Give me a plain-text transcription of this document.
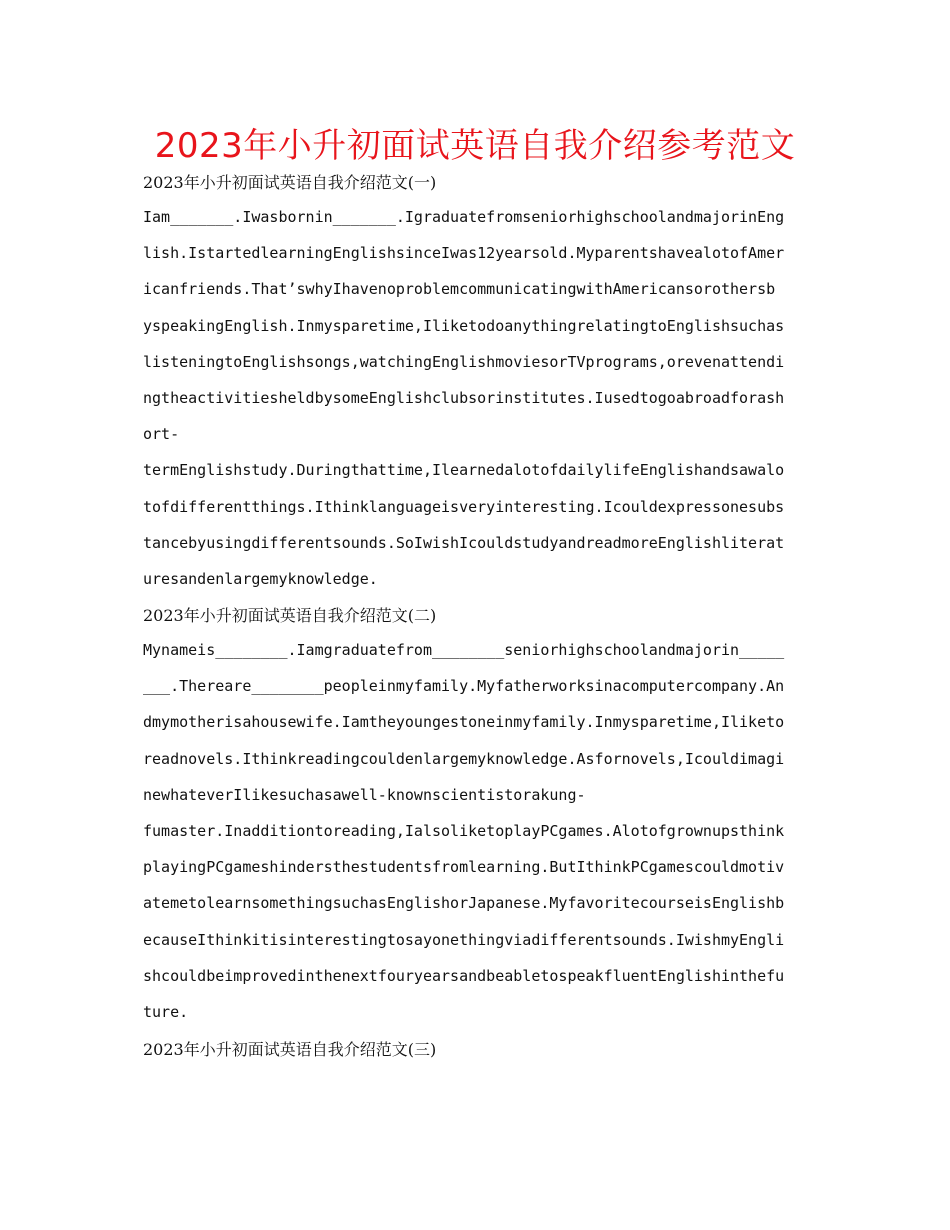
2023年小升初面试英语自我介绍参考范文
2023年小升初面试英语自我介绍范文(一)
Iam_______.Iwasbornin_______.IgraduatefromseniorhighschoolandmajorinEng
lish.IstartedlearningEnglishsinceIwas12yearsold.MyparentshavealotofAmer
icanfriends.That’swhyIhavenoproblemcommunicatingwithAmericansorothersb
yspeakingEnglish.Inmysparetime,IliketodoanythingrelatingtoEnglishsuchas
listeningtoEnglishsongs,watchingEnglishmoviesorTVprograms,orevenattendi
ngtheactivitiesheldbysomeEnglishclubsorinstitutes.Iusedtogoabroadforash
ort-
termEnglishstudy.Duringthattime,IlearnedalotofdailylifeEnglishandsawalo
tofdifferentthings.Ithinklanguageisveryinteresting.Icouldexpressonesubs
tancebyusingdifferentsounds.SoIwishIcouldstudyandreadmoreEnglishliterat
uresandenlargemyknowledge.
2023年小升初面试英语自我介绍范文(二)
Mynameis________.Iamgraduatefrom________seniorhighschoolandmajorin_____
___.Thereare________peopleinmyfamily.Myfatherworksinacomputercompany.An
dmymotherisahousewife.Iamtheyoungestoneinmyfamily.Inmysparetime,Iliketo
readnovels.Ithinkreadingcouldenlargemyknowledge.Asfornovels,Icouldimagi
newhateverIlikesuchasawell-knownscientistorakung-
fumaster.Inadditiontoreading,IalsoliketoplayPCgames.Alotofgrownupsthink
playingPCgameshindersthestudentsfromlearning.ButIthinkPCgamescouldmotiv
atemetolearnsomethingsuchasEnglishorJapanese.MyfavoritecourseisEnglishb
ecauseIthinkitisinterestingtosayonethingviadifferentsounds.IwishmyEngli
shcouldbeimprovedinthenextfouryearsandbeabletospeakfluentEnglishinthefu
ture.
2023年小升初面试英语自我介绍范文(三)
